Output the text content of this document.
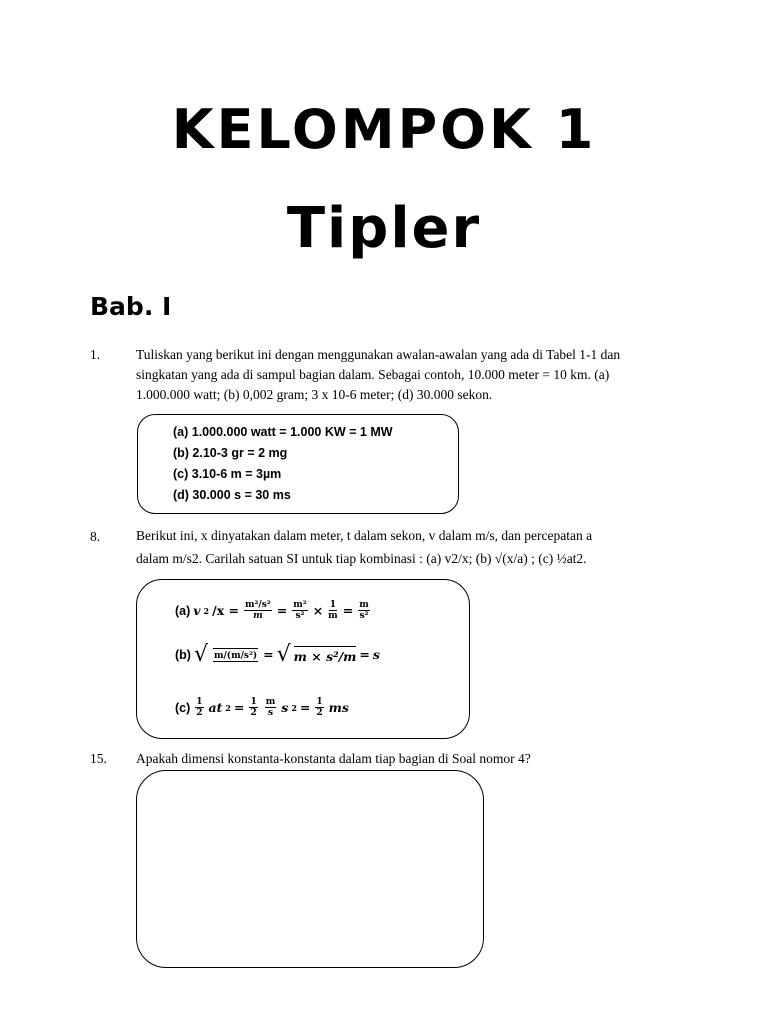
KELOMPOK 1
Tipler
Bab. I
1.	Tuliskan yang berikut ini dengan menggunakan awalan-awalan yang ada di Tabel 1-1 dan
singkatan yang ada di sampul bagian dalam. Sebagai contoh, 10.000 meter = 10 km. (a)
1.000.000 watt; (b) 0,002 gram; 3 x 10-6 meter; (d) 30.000 sekon.
(a) 1.000.000 watt = 1.000 KW = 1 MW
(b) 2.10-3 gr = 2 mg
(c) 3.10-6 m = 3µm
(d) 30.000 s = 30 ms
8.	Berikut ini, x dinyatakan dalam meter, t dalam sekon, v dalam m/s, dan percepatan a
dalam m/s2. Carilah satuan SI untuk tiap kombinasi : (a) v2/x; (b) √(x/a) ; (c) ½at2.
(a) v 2 $/x = \frac{\text{m²/s²}}{m} = \frac{\text{m²}}{\text{s²}} \times \frac{1}{m} = \frac{m}{\text{s²}}$
(b) √ m/(m/s²) = √ m × s²/m = s
$(c) \frac{1}{2}$ at $2 = \frac{1}{2} \frac{m}{s}$ s $2 = \frac{1}{2}$ ms
15. Apakah dimensi konstanta-konstanta dalam tiap bagian di Soal nomor 4?
